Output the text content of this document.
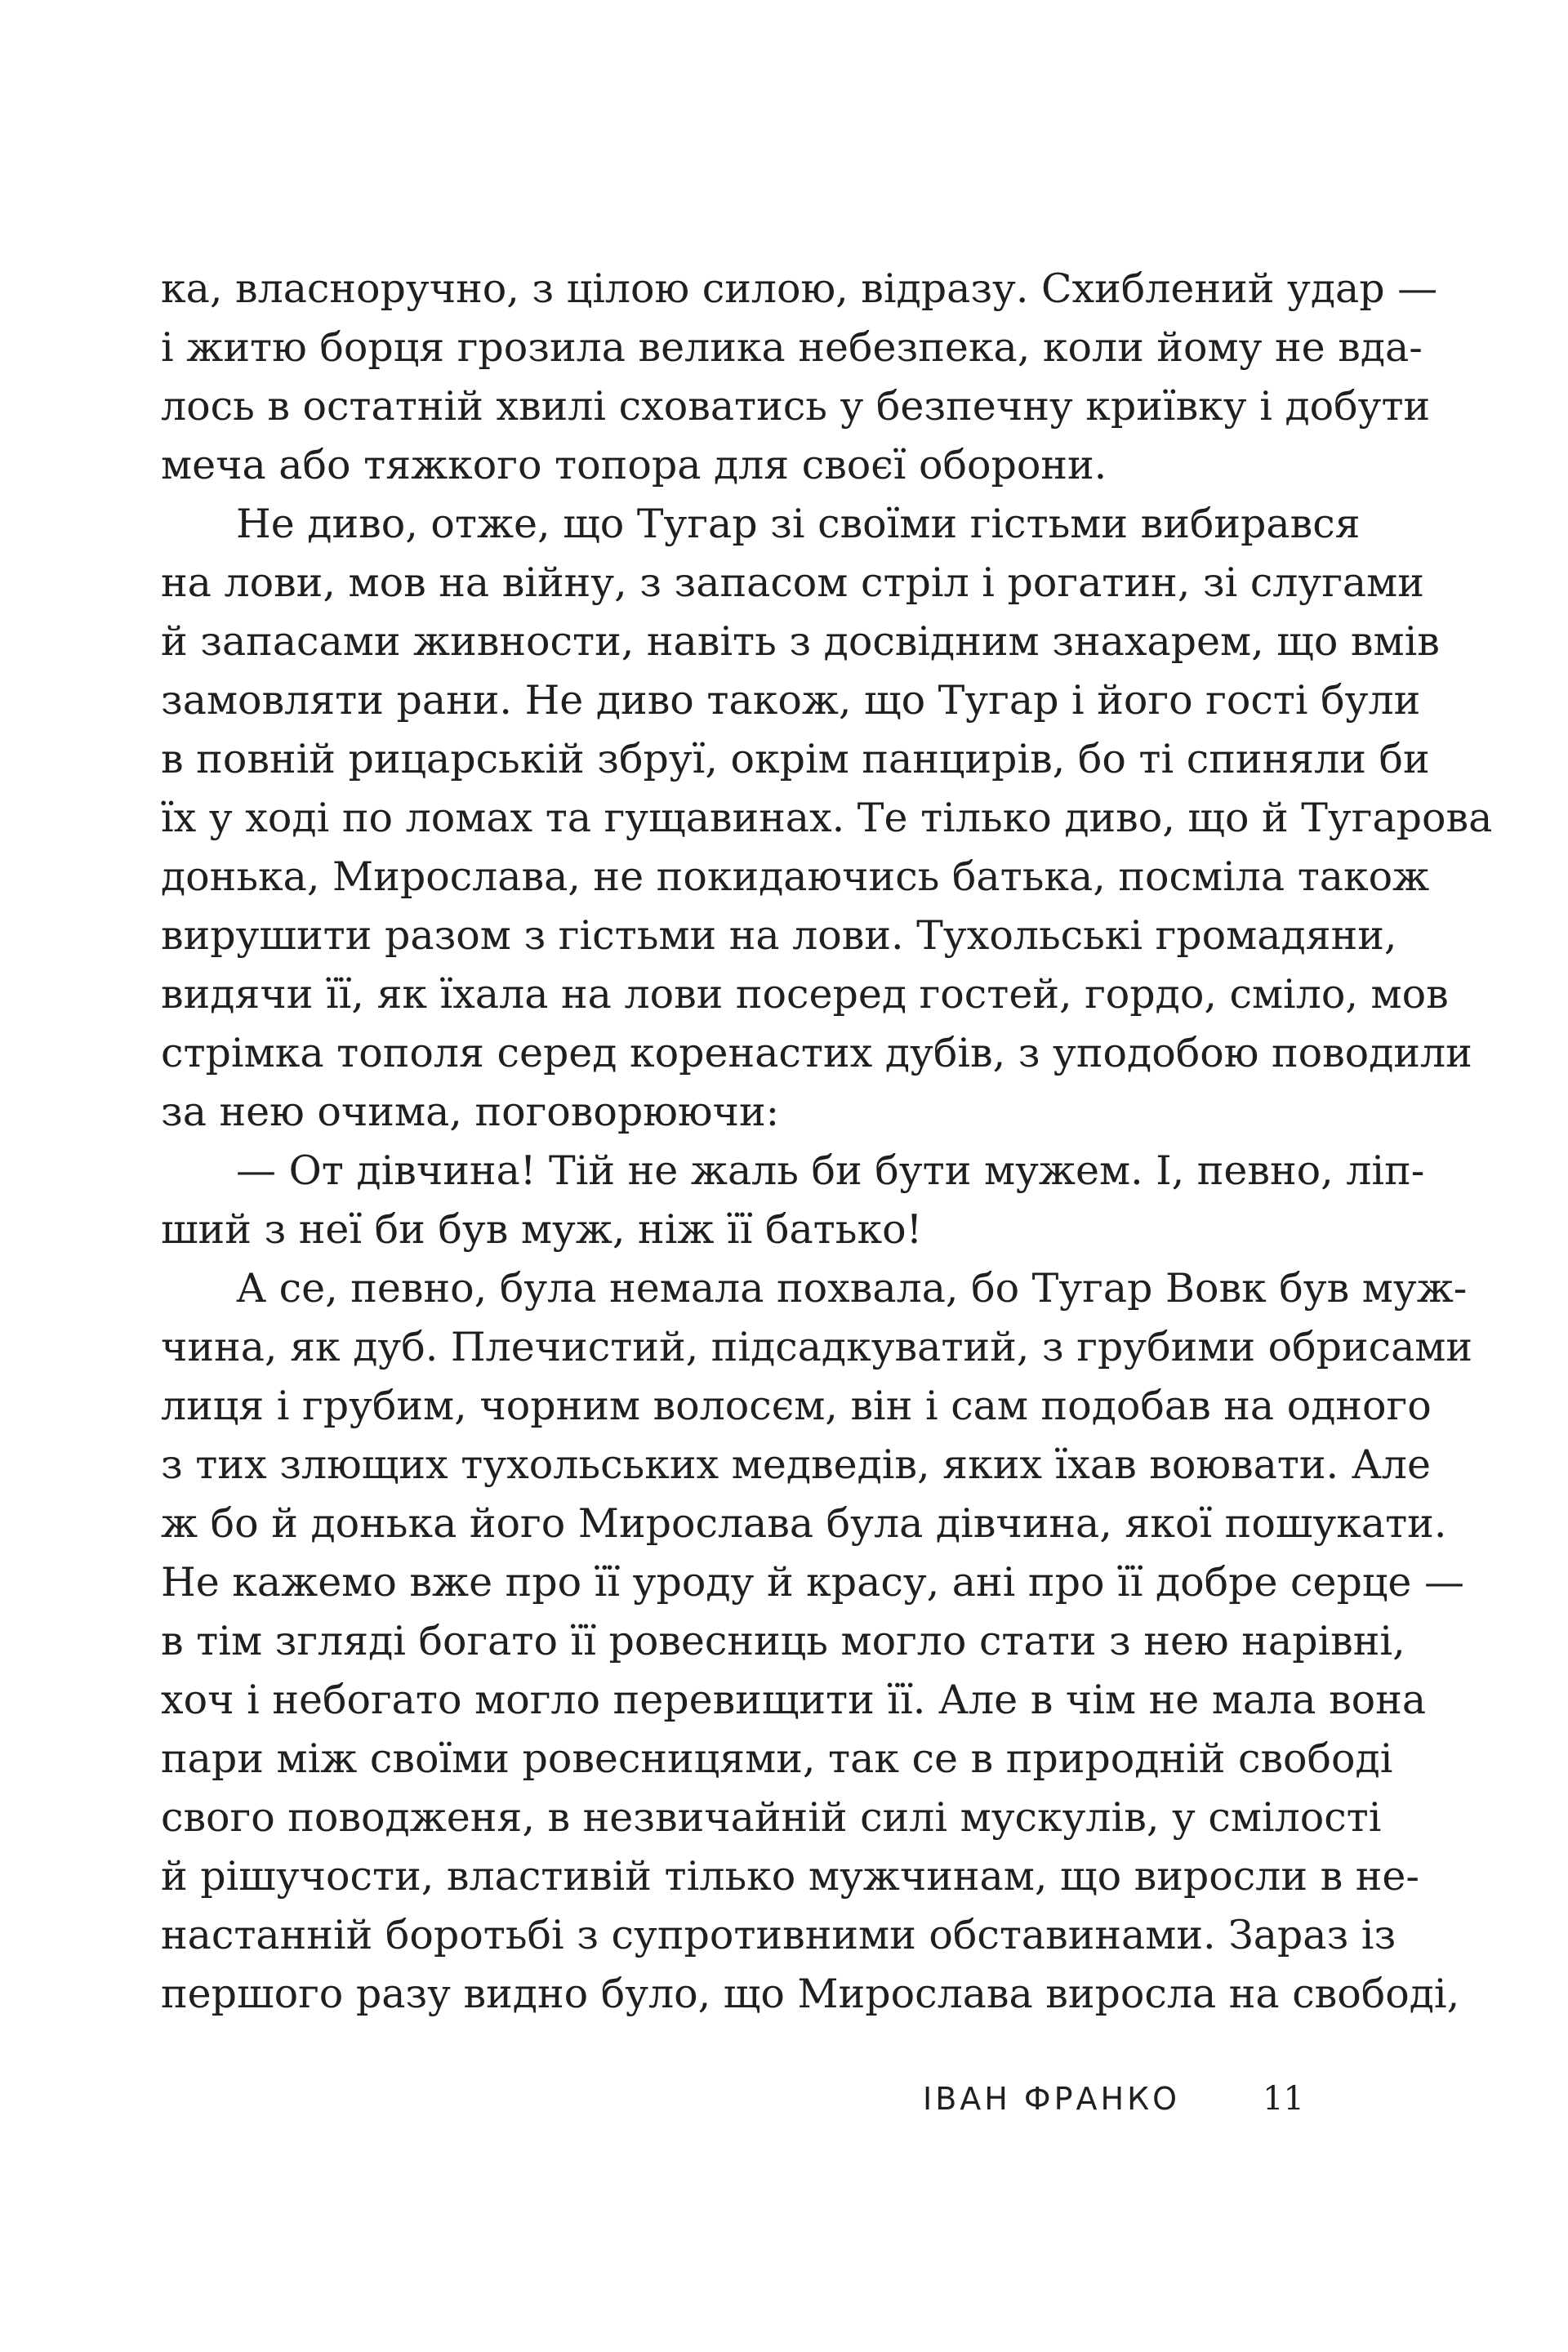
ка, власноручно, з цілою силою, відразу. Схиблений удар —
і житю борця грозила велика небезпека, коли йому не вда-
лось в остатній хвилі сховатись у безпечну криївку і добути
меча або тяжкого топора для своєї оборони.
Не диво, отже, що Тугар зі своїми гістьми вибирався
на лови, мов на війну, з запасом стріл і рогатин, зі слугами
й запасами живности, навіть з досвідним знахарем, що вмів
замовляти рани. Не диво також, що Тугар і його гості були
в повній рицарській збруї, окрім панцирів, бо ті спиняли би
їх у ході по ломах та гущавинах. Те тілько диво, що й Тугарова
донька, Мирослава, не покидаючись батька, посміла також
вирушити разом з гістьми на лови. Тухольські громадяни,
видячи її, як їхала на лови посеред гостей, гордо, сміло, мов
стрімка тополя серед коренастих дубів, з уподобою поводили
за нею очима, поговорюючи:
— От дівчина! Тій не жаль би бути мужем. І, певно, ліп-
ший з неї би був муж, ніж її батько!
А се, певно, була немала похвала, бо Тугар Вовк був муж-
чина, як дуб. Плечистий, підсадкуватий, з грубими обрисами
лиця і грубим, чорним волосєм, він і сам подобав на одного
з тих злющих тухольських медведів, яких їхав воювати. Але
ж бо й донька його Мирослава була дівчина, якої пошукати.
Не кажемо вже про її уроду й красу, ані про її добре серце —
в тім згляді богато її ровесниць могло стати з нею нарівні,
хоч і небогато могло перевищити її. Але в чім не мала вона
пари між своїми ровесницями, так се в природній свободі
свого поводженя, в незвичайній силі мускулів, у смілості
й рішучости, властивій тілько мужчинам, що виросли в не-
настанній боротьбі з супротивними обставинами. Зараз із
першого разу видно було, що Мирослава виросла на свободі,
ІВАН ФРАНКО	11
